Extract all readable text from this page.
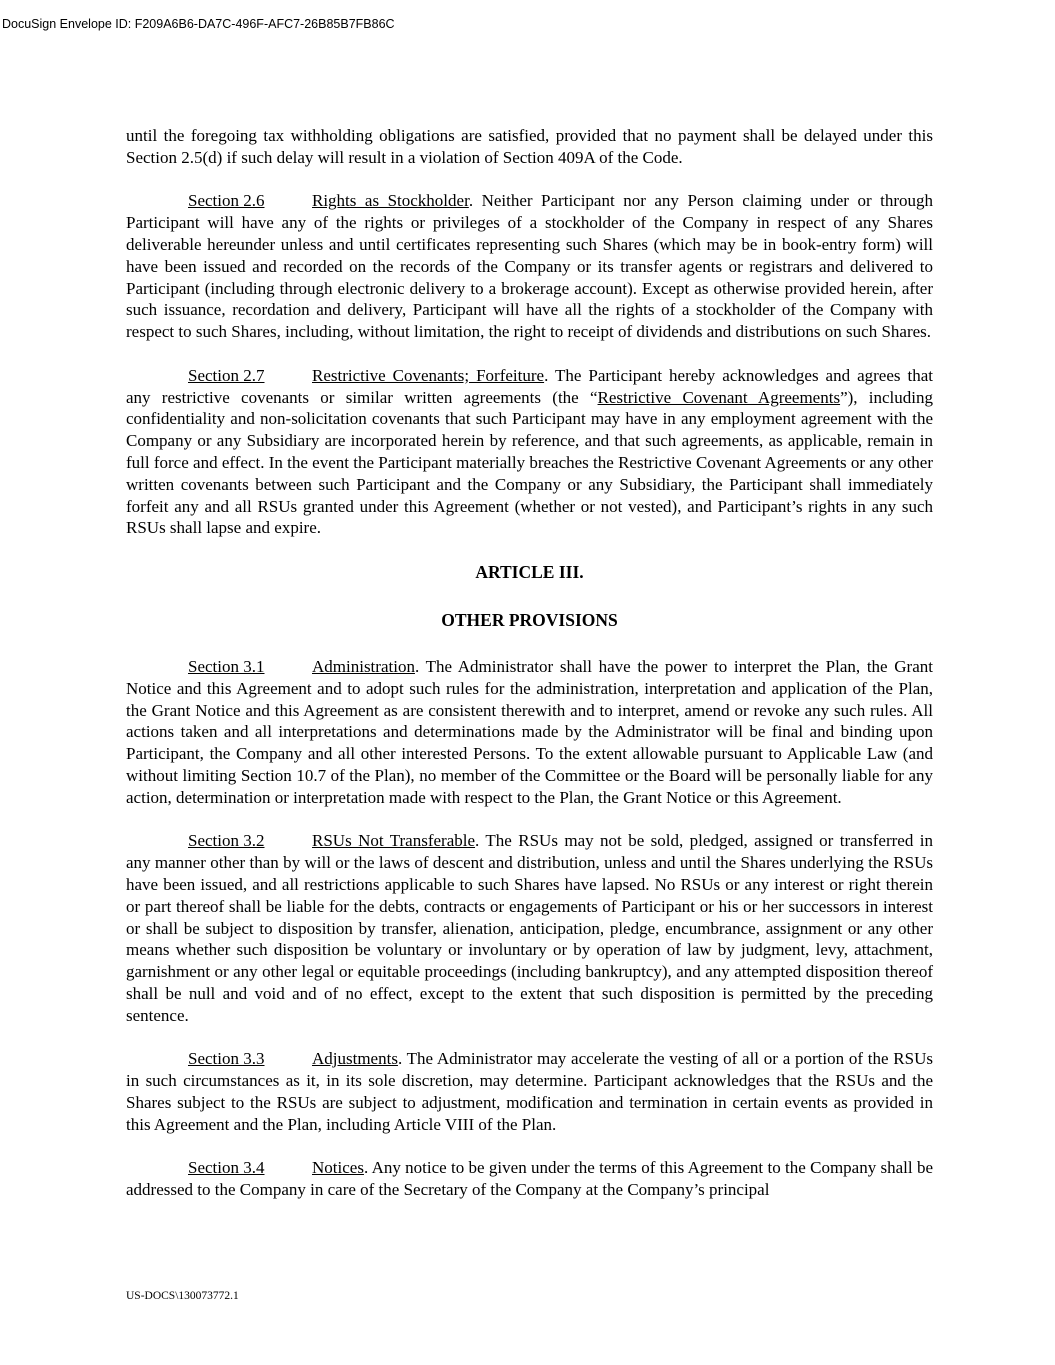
DocuSign Envelope ID: F209A6B6-DA7C-496F-AFC7-26B85B7FB86C

until the foregoing tax withholding obligations are satisfied, provided that no payment shall be delayed under this Section 2.5(d) if such delay will result in a violation of Section 409A of the Code.

Section 2.6	Rights as Stockholder. Neither Participant nor any Person claiming under or through Participant will have any of the rights or privileges of a stockholder of the Company in respect of any Shares deliverable hereunder unless and until certificates representing such Shares (which may be in book-entry form) will have been issued and recorded on the records of the Company or its transfer agents or registrars and delivered to Participant (including through electronic delivery to a brokerage account). Except as otherwise provided herein, after such issuance, recordation and delivery, Participant will have all the rights of a stockholder of the Company with respect to such Shares, including, without limitation, the right to receipt of dividends and distributions on such Shares.

Section 2.7	Restrictive Covenants; Forfeiture. The Participant hereby acknowledges and agrees that any restrictive covenants or similar written agreements (the “Restrictive Covenant Agreements”), including confidentiality and non-solicitation covenants that such Participant may have in any employment agreement with the Company or any Subsidiary are incorporated herein by reference, and that such agreements, as applicable, remain in full force and effect. In the event the Participant materially breaches the Restrictive Covenant Agreements or any other written covenants between such Participant and the Company or any Subsidiary, the Participant shall immediately forfeit any and all RSUs granted under this Agreement (whether or not vested), and Participant’s rights in any such RSUs shall lapse and expire.

ARTICLE III.
OTHER PROVISIONS

Section 3.1	Administration. The Administrator shall have the power to interpret the Plan, the Grant Notice and this Agreement and to adopt such rules for the administration, interpretation and application of the Plan, the Grant Notice and this Agreement as are consistent therewith and to interpret, amend or revoke any such rules. All actions taken and all interpretations and determinations made by the Administrator will be final and binding upon Participant, the Company and all other interested Persons. To the extent allowable pursuant to Applicable Law (and without limiting Section 10.7 of the Plan), no member of the Committee or the Board will be personally liable for any action, determination or interpretation made with respect to the Plan, the Grant Notice or this Agreement.

Section 3.2	RSUs Not Transferable. The RSUs may not be sold, pledged, assigned or transferred in any manner other than by will or the laws of descent and distribution, unless and until the Shares underlying the RSUs have been issued, and all restrictions applicable to such Shares have lapsed. No RSUs or any interest or right therein or part thereof shall be liable for the debts, contracts or engagements of Participant or his or her successors in interest or shall be subject to disposition by transfer, alienation, anticipation, pledge, encumbrance, assignment or any other means whether such disposition be voluntary or involuntary or by operation of law by judgment, levy, attachment, garnishment or any other legal or equitable proceedings (including bankruptcy), and any attempted disposition thereof shall be null and void and of no effect, except to the extent that such disposition is permitted by the preceding sentence.

Section 3.3	Adjustments. The Administrator may accelerate the vesting of all or a portion of the RSUs in such circumstances as it, in its sole discretion, may determine. Participant acknowledges that the RSUs and the Shares subject to the RSUs are subject to adjustment, modification and termination in certain events as provided in this Agreement and the Plan, including Article VIII of the Plan.

Section 3.4	Notices. Any notice to be given under the terms of this Agreement to the Company shall be addressed to the Company in care of the Secretary of the Company at the Company’s principal

US-DOCS\130073772.1
